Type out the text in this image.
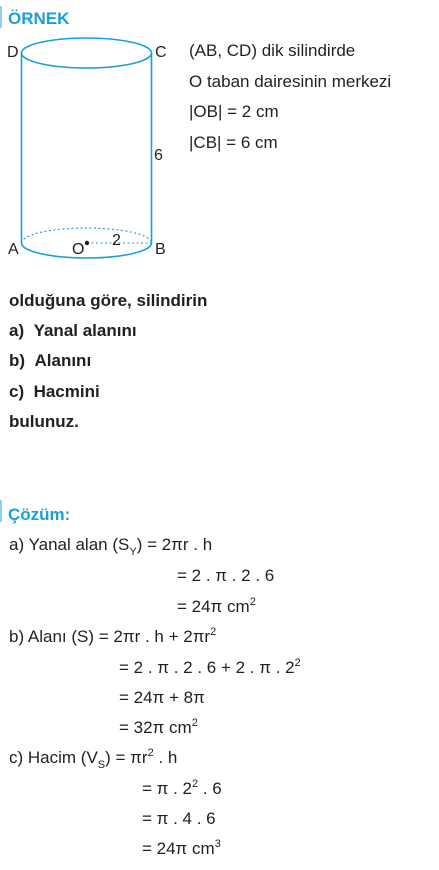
ÖRNEK
D	C
6
A	O
2
B
(AB, CD) dik silindirde
O taban dairesinin merkezi
|OB| = 2 cm
|CB| = 6 cm
olduğuna göre, silindirin
a) Yanal alanını
b) Alanını
c) Hacmini
bulunuz.
Çözüm:
a) Yanal alan $(S_Y) = 2\pi r$ . h
= 2 . π . 2 . 6
= 24π $cm^2$
b) Alanı (S) = 2πr . $h + 2\pi r^2$
= 2 . π . 2 . 6 + 2 . π . $2^2$
= 24π + 8π
= 32π $cm^2$
c) Hacim $(V_S) = \pi r^2$ . h
= π . $2^2$ . 6
= π . 4 . 6
= 24π $cm^3$
